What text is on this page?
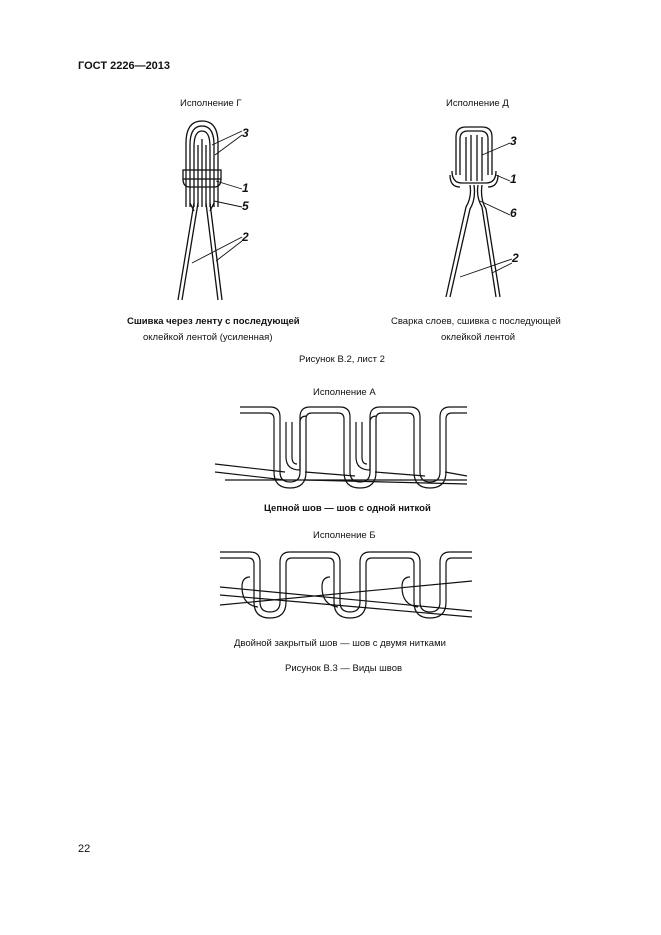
ГОСТ 2226—2013
Исполнение Г
3
1
5
2
Сшивка через ленту с последующей
оклейкой лентой (усиленная)
Исполнение Д
3
1
6
2
Сварка слоев, сшивка с последующей
оклейкой лентой
Рисунок В.2, лист 2
Исполнение А
Цепной шов — шов с одной ниткой
Исполнение Б
Двойной закрытый шов — шов с двумя нитками
Рисунок В.3 — Виды швов
22
